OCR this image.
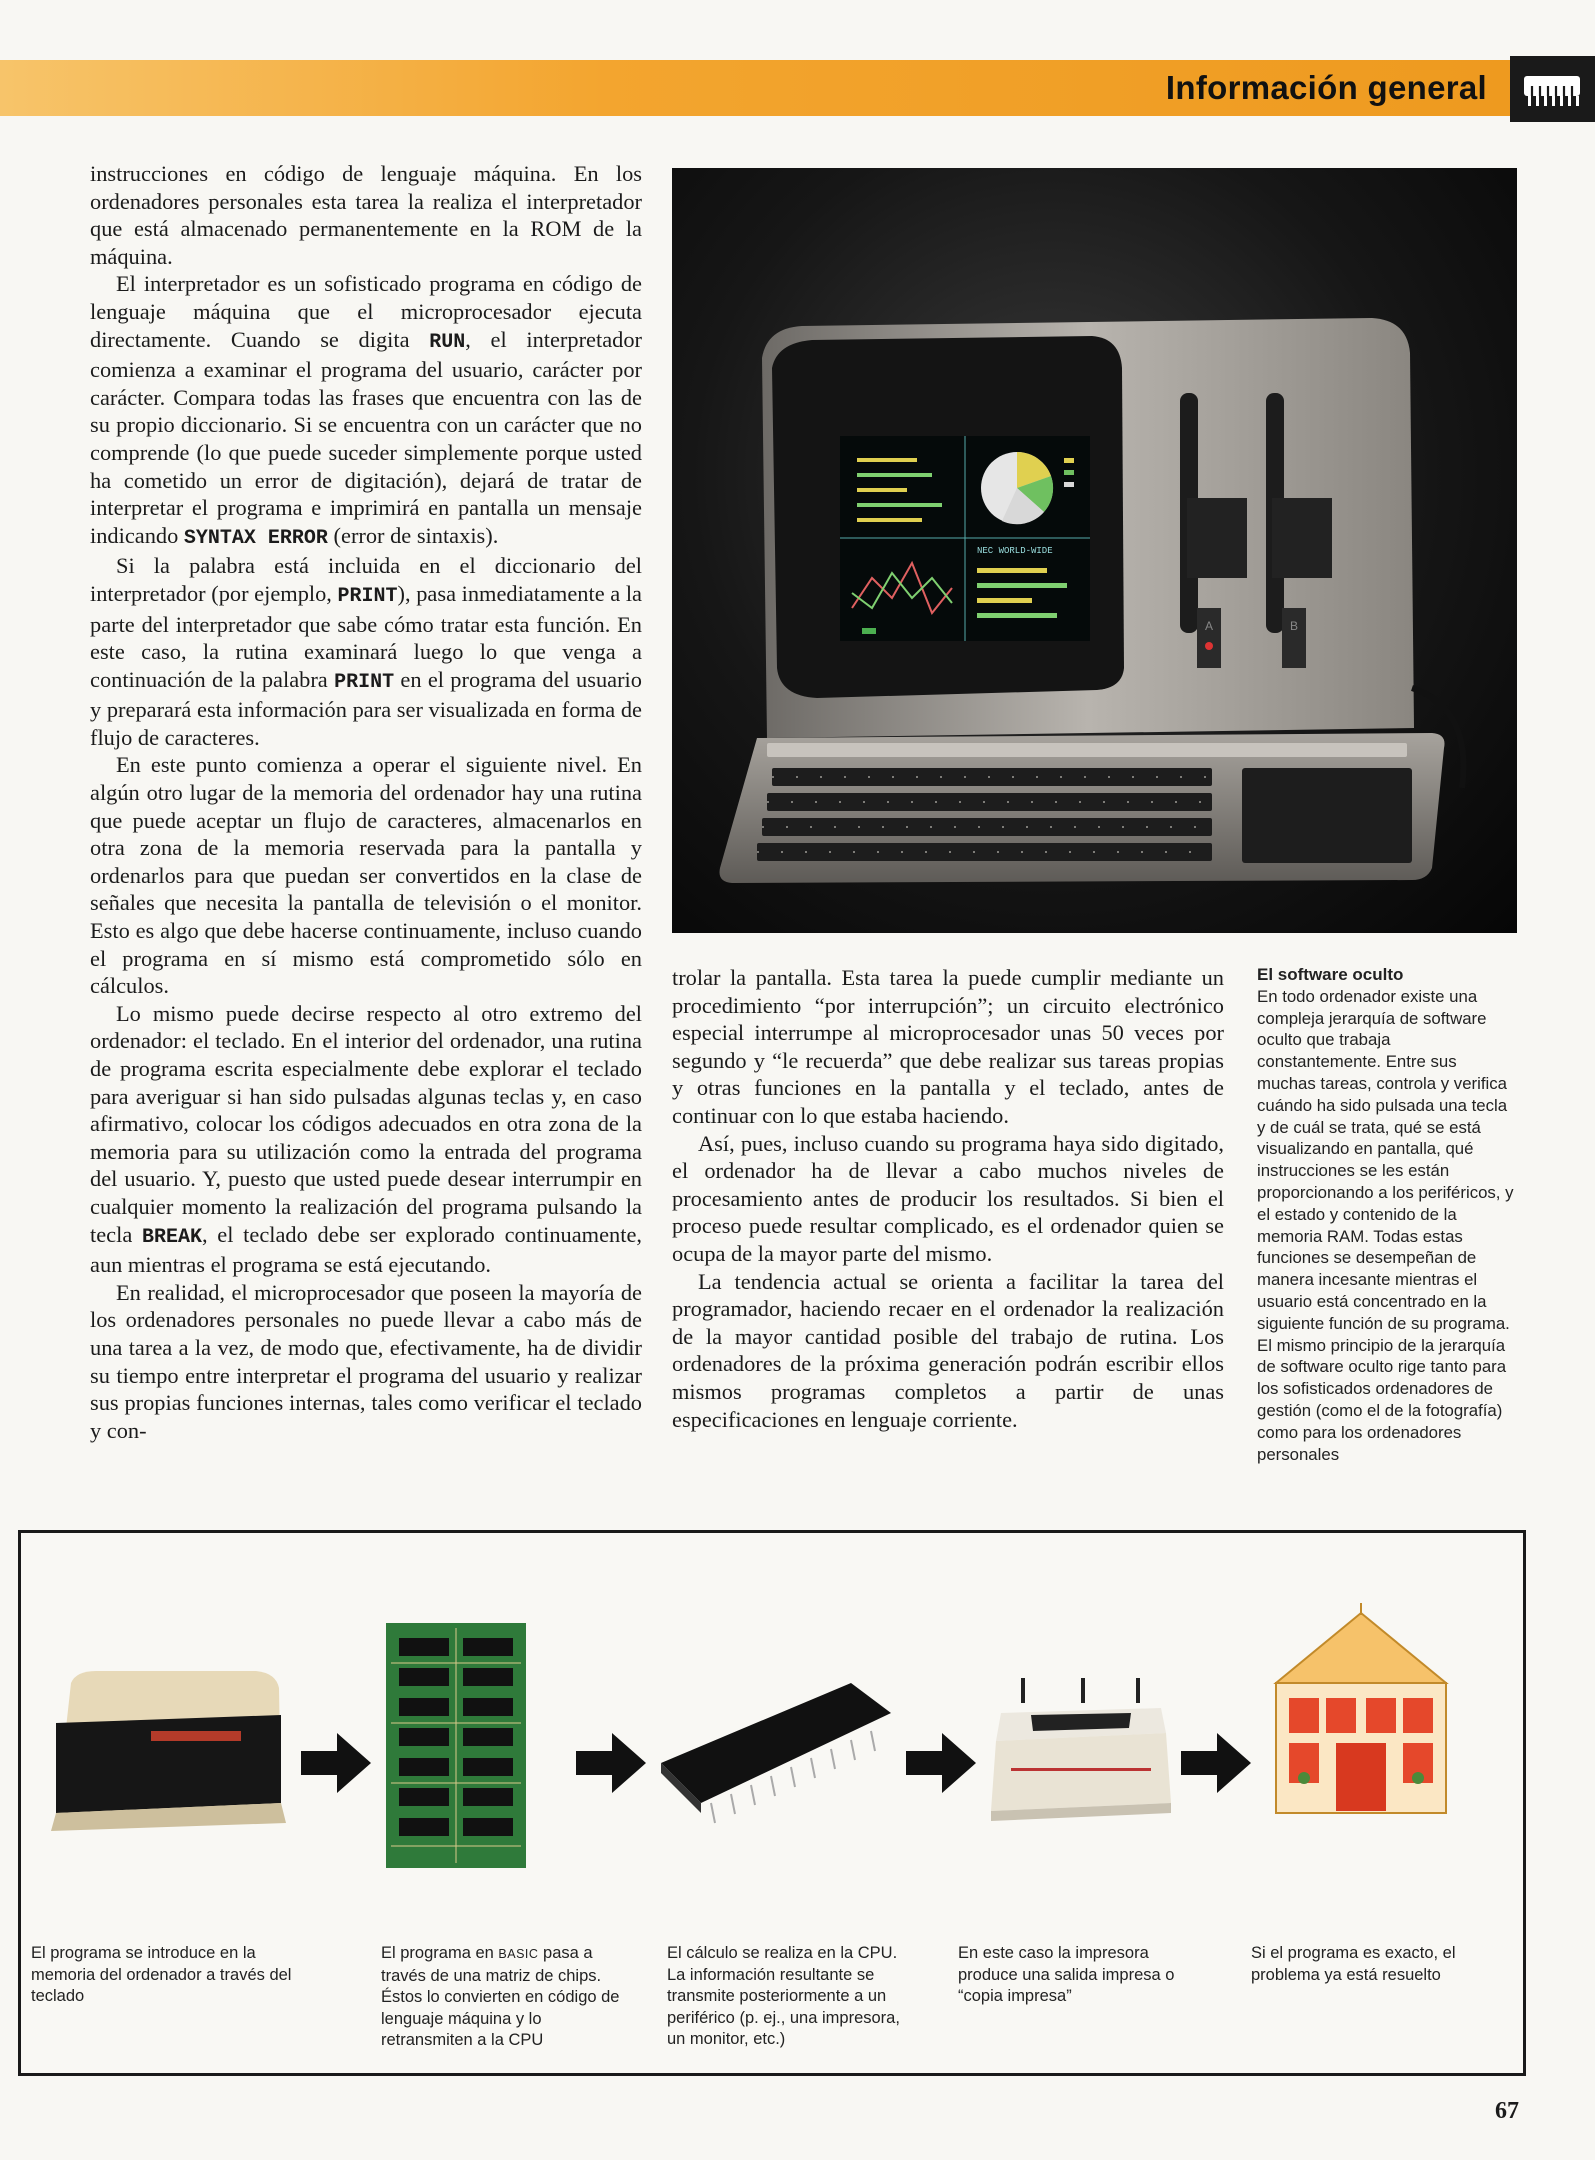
Información general

instrucciones en código de lenguaje máquina. En los ordenadores personales esta tarea la realiza el interpretador que está almacenado permanentemente en la ROM de la máquina.

El interpretador es un sofisticado programa en código de lenguaje máquina que el microprocesador ejecuta directamente. Cuando se digita RUN, el interpretador comienza a examinar el programa del usuario, carácter por carácter. Compara todas las frases que encuentra con las de su propio diccionario. Si se encuentra con un carácter que no comprende (lo que puede suceder simplemente porque usted ha cometido un error de digitación), dejará de tratar de interpretar el programa e imprimirá en pantalla un mensaje indicando SYNTAX ERROR (error de sintaxis).

Si la palabra está incluida en el diccionario del interpretador (por ejemplo, PRINT), pasa inmediatamente a la parte del interpretador que sabe cómo tratar esta función. En este caso, la rutina examinará luego lo que venga a continuación de la palabra PRINT en el programa del usuario y preparará esta información para ser visualizada en forma de flujo de caracteres.

En este punto comienza a operar el siguiente nivel. En algún otro lugar de la memoria del ordenador hay una rutina que puede aceptar un flujo de caracteres, almacenarlos en otra zona de la memoria reservada para la pantalla y ordenarlos para que puedan ser convertidos en la clase de señales que necesita la pantalla de televisión o el monitor. Esto es algo que debe hacerse continuamente, incluso cuando el programa en sí mismo está comprometido sólo en cálculos.

Lo mismo puede decirse respecto al otro extremo del ordenador: el teclado. En el interior del ordenador, una rutina de programa escrita especialmente debe explorar el teclado para averiguar si han sido pulsadas algunas teclas y, en caso afirmativo, colocar los códigos adecuados en otra zona de la memoria para su utilización como la entrada del programa del usuario. Y, puesto que usted puede desear interrumpir en cualquier momento la realización del programa pulsando la tecla BREAK, el teclado debe ser explorado continuamente, aun mientras el programa se está ejecutando.

En realidad, el microprocesador que poseen la mayoría de los ordenadores personales no puede llevar a cabo más de una tarea a la vez, de modo que, efectivamente, ha de dividir su tiempo entre interpretar el programa del usuario y realizar sus propias funciones internas, tales como verificar el teclado y con-

NEC WORLD-WIDE
A	B

trolar la pantalla. Esta tarea la puede cumplir mediante un procedimiento “por interrupción”; un circuito electrónico especial interrumpe al microprocesador unas 50 veces por segundo y “le recuerda” que debe realizar sus tareas propias y otras funciones en la pantalla y el teclado, antes de continuar con lo que estaba haciendo.

Así, pues, incluso cuando su programa haya sido digitado, el ordenador ha de llevar a cabo muchos niveles de procesamiento antes de producir los resultados. Si bien el proceso puede resultar complicado, es el ordenador quien se ocupa de la mayor parte del mismo.

La tendencia actual se orienta a facilitar la tarea del programador, haciendo recaer en el ordenador la realización de la mayor cantidad posible del trabajo de rutina. Los ordenadores de la próxima generación podrán escribir ellos mismos programas completos a partir de unas especificaciones en lenguaje corriente.

El software oculto

En todo ordenador existe una compleja jerarquía de software oculto que trabaja constantemente. Entre sus muchas tareas, controla y verifica cuándo ha sido pulsada una tecla y de cuál se trata, qué se está visualizando en pantalla, qué instrucciones se les están proporcionando a los periféricos, y el estado y contenido de la memoria RAM. Todas estas funciones se desempeñan de manera incesante mientras el usuario está concentrado en la siguiente función de su programa. El mismo principio de la jerarquía de software oculto rige tanto para los sofisticados ordenadores de gestión (como el de la fotografía) como para los ordenadores personales

El programa se introduce en la memoria del ordenador a través del teclado
El programa en BASIC pasa a través de una matriz de chips. Éstos lo convierten en código de lenguaje máquina y lo retransmiten a la CPU
El cálculo se realiza en la CPU. La información resultante se transmite posteriormente a un periférico (p. ej., una impresora, un monitor, etc.)
En este caso la impresora produce una salida impresa o “copia impresa”
Si el programa es exacto, el problema ya está resuelto
67
